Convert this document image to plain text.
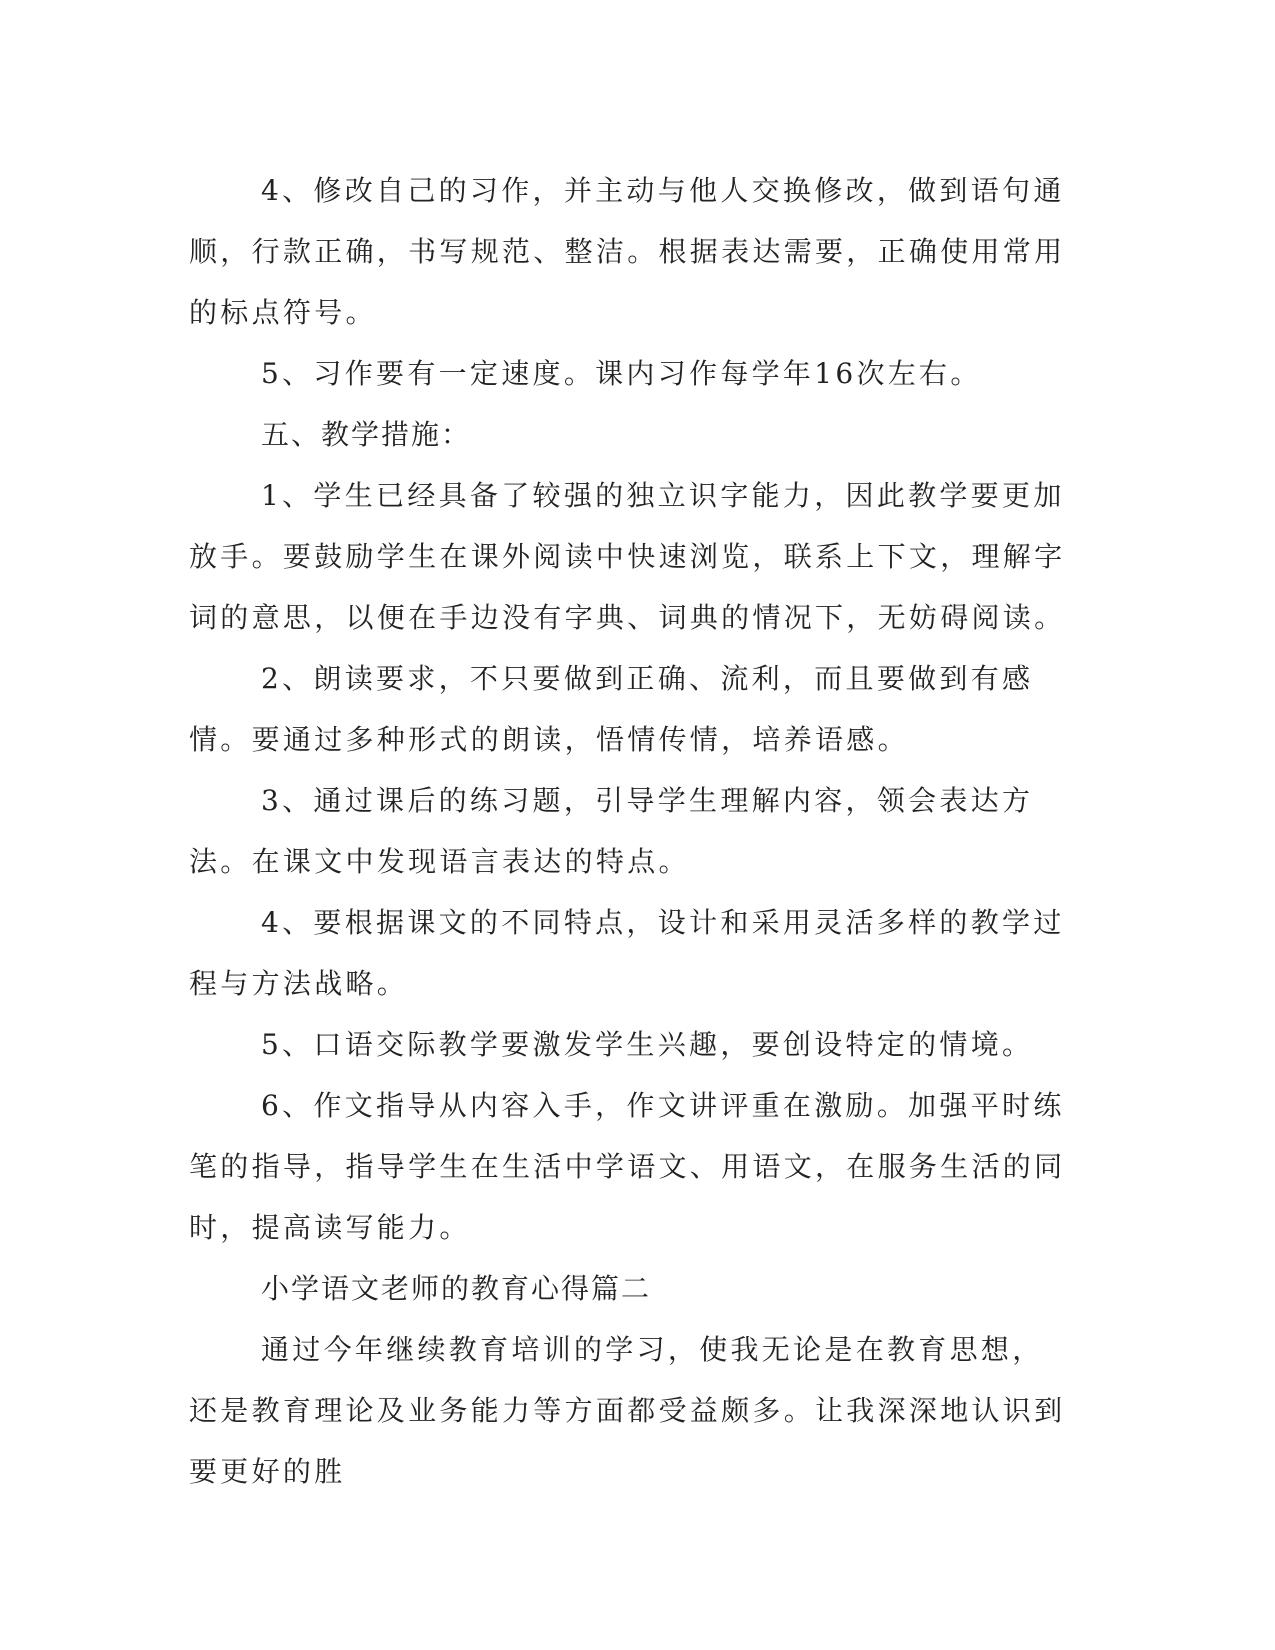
4、修改自己的习作，并主动与他人交换修改，做到语句通顺，行款正确，书写规范、整洁。根据表达需要，正确使用常用的标点符号。

5、习作要有一定速度。课内习作每学年16次左右。

五、教学措施：

1、学生已经具备了较强的独立识字能力，因此教学要更加放手。要鼓励学生在课外阅读中快速浏览，联系上下文，理解字词的意思，以便在手边没有字典、词典的情况下，无妨碍阅读。

2、朗读要求，不只要做到正确、流利，而且要做到有感情。要通过多种形式的朗读，悟情传情，培养语感。

3、通过课后的练习题，引导学生理解内容，领会表达方法。在课文中发现语言表达的特点。

4、要根据课文的不同特点，设计和采用灵活多样的教学过程与方法战略。

5、口语交际教学要激发学生兴趣，要创设特定的情境。

6、作文指导从内容入手，作文讲评重在激励。加强平时练笔的指导，指导学生在生活中学语文、用语文，在服务生活的同时，提高读写能力。

小学语文老师的教育心得篇二

通过今年继续教育培训的学习，使我无论是在教育思想，还是教育理论及业务能力等方面都受益颇多。让我深深地认识到要更好的胜
